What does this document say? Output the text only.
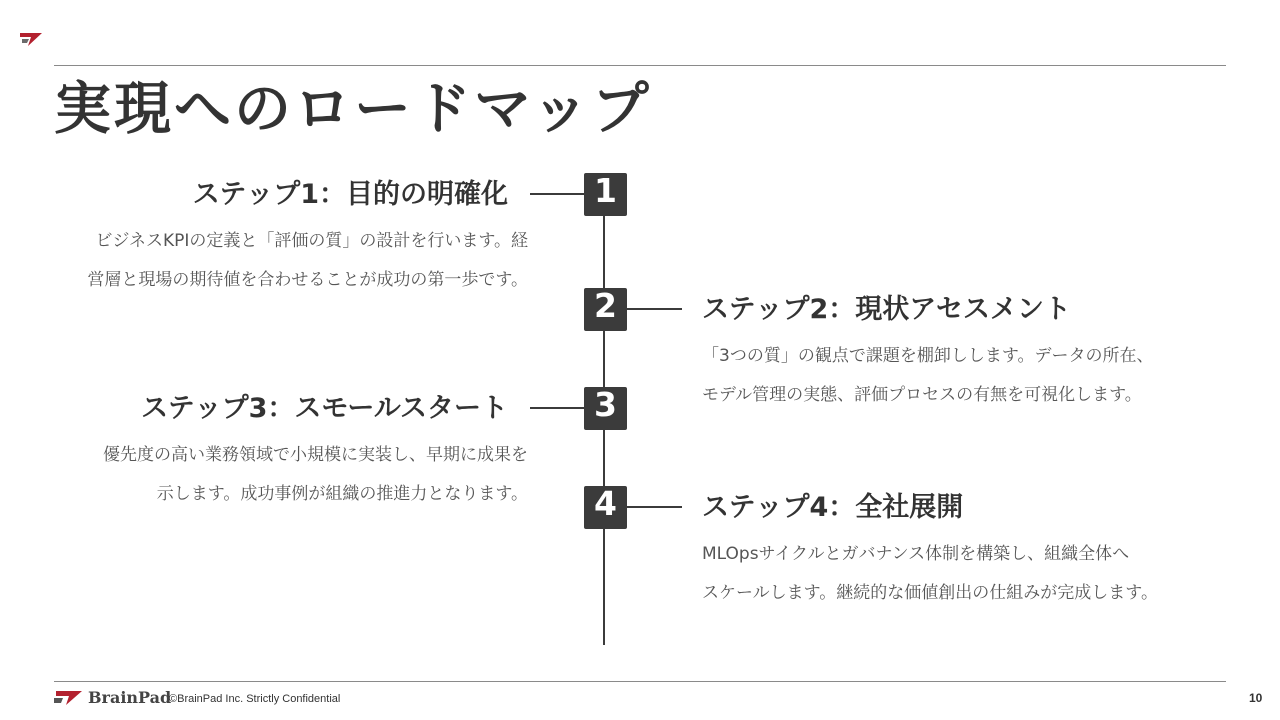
実現へのロードマップ
1
ステップ1：目的の明確化
ビジネスKPIの定義と「評価の質」の設計を行います。経
営層と現場の期待値を合わせることが成功の第一歩です。
2	ステップ2：現状アセスメント
「3つの質」の観点で課題を棚卸しします。データの所在、
モデル管理の実態、評価プロセスの有無を可視化します。
3
ステップ3：スモールスタート
優先度の高い業務領域で小規模に実装し、早期に成果を
示します。成功事例が組織の推進力となります。	4	ステップ4：全社展開
MLOpsサイクルとガバナンス体制を構築し、組織全体へ
スケールします。継続的な価値創出の仕組みが完成します。
BrainPad
©BrainPad Inc. Strictly Confidential	10
